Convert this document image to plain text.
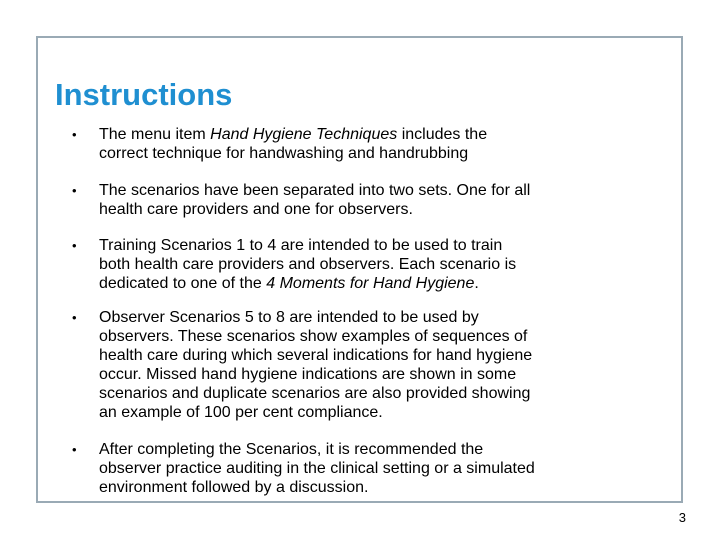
Instructions
•	The menu item Hand Hygiene Techniques includes the
correct technique for handwashing and handrubbing
•	The scenarios have been separated into two sets. One for all
health care providers and one for observers.
•	Training Scenarios 1 to 4 are intended to be used to train
both health care providers and observers. Each scenario is
dedicated to one of the 4 Moments for Hand Hygiene.
•	Observer Scenarios 5 to 8 are intended to be used by
observers. These scenarios show examples of sequences of
health care during which several indications for hand hygiene
occur. Missed hand hygiene indications are shown in some
scenarios and duplicate scenarios are also provided showing
an example of 100 per cent compliance.
•	After completing the Scenarios, it is recommended the
observer practice auditing in the clinical setting or a simulated
environment followed by a discussion.
3
